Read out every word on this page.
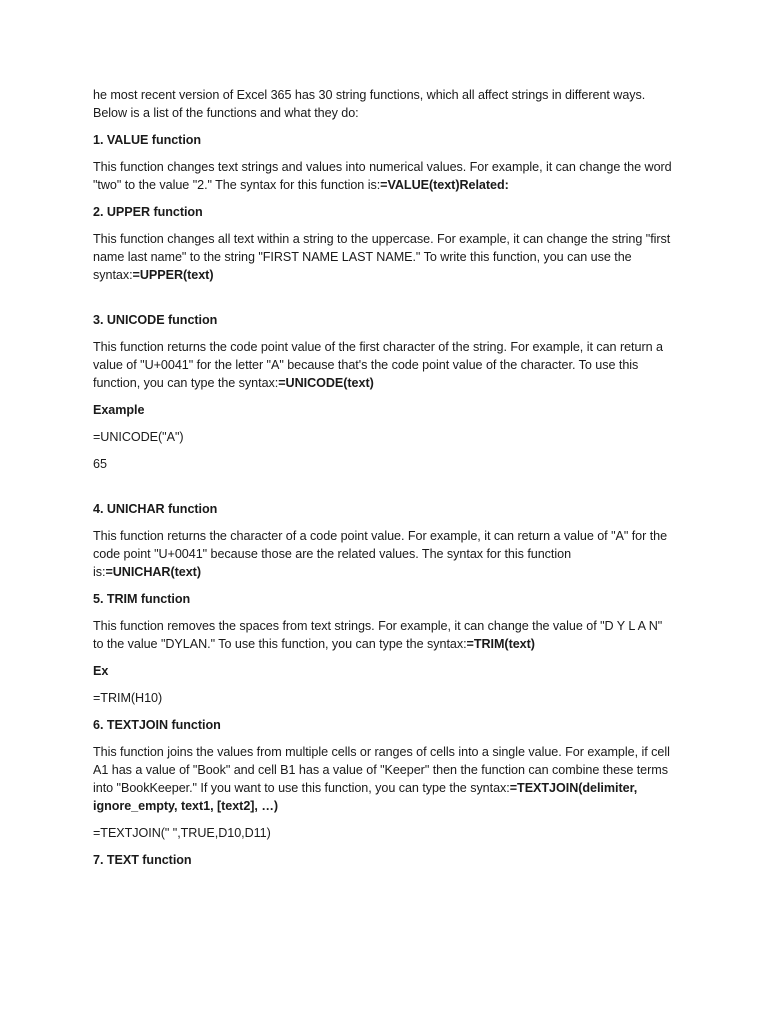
he most recent version of Excel 365 has 30 string functions, which all affect strings in different ways. Below is a list of the functions and what they do:

1. VALUE function

This function changes text strings and values into numerical values. For example, it can change the word "two" to the value "2." The syntax for this function is:=VALUE(text)Related:

2. UPPER function

This function changes all text within a string to the uppercase. For example, it can change the string "first name last name" to the string "FIRST NAME LAST NAME." To write this function, you can use the syntax:=UPPER(text)

3. UNICODE function

This function returns the code point value of the first character of the string. For example, it can return a value of "U+0041" for the letter "A" because that's the code point value of the character. To use this function, you can type the syntax:=UNICODE(text)

Example

=UNICODE("A")

65

4. UNICHAR function

This function returns the character of a code point value. For example, it can return a value of "A" for the code point "U+0041" because those are the related values. The syntax for this function is:=UNICHAR(text)

5. TRIM function

This function removes the spaces from text strings. For example, it can change the value of "D Y L A N" to the value "DYLAN." To use this function, you can type the syntax:=TRIM(text)

Ex

=TRIM(H10)

6. TEXTJOIN function

This function joins the values from multiple cells or ranges of cells into a single value. For example, if cell A1 has a value of "Book" and cell B1 has a value of "Keeper" then the function can combine these terms into "BookKeeper." If you want to use this function, you can type the syntax:=TEXTJOIN(delimiter, ignore_empty, text1, [text2], …)

=TEXTJOIN(" ",TRUE,D10,D11)

7. TEXT function
